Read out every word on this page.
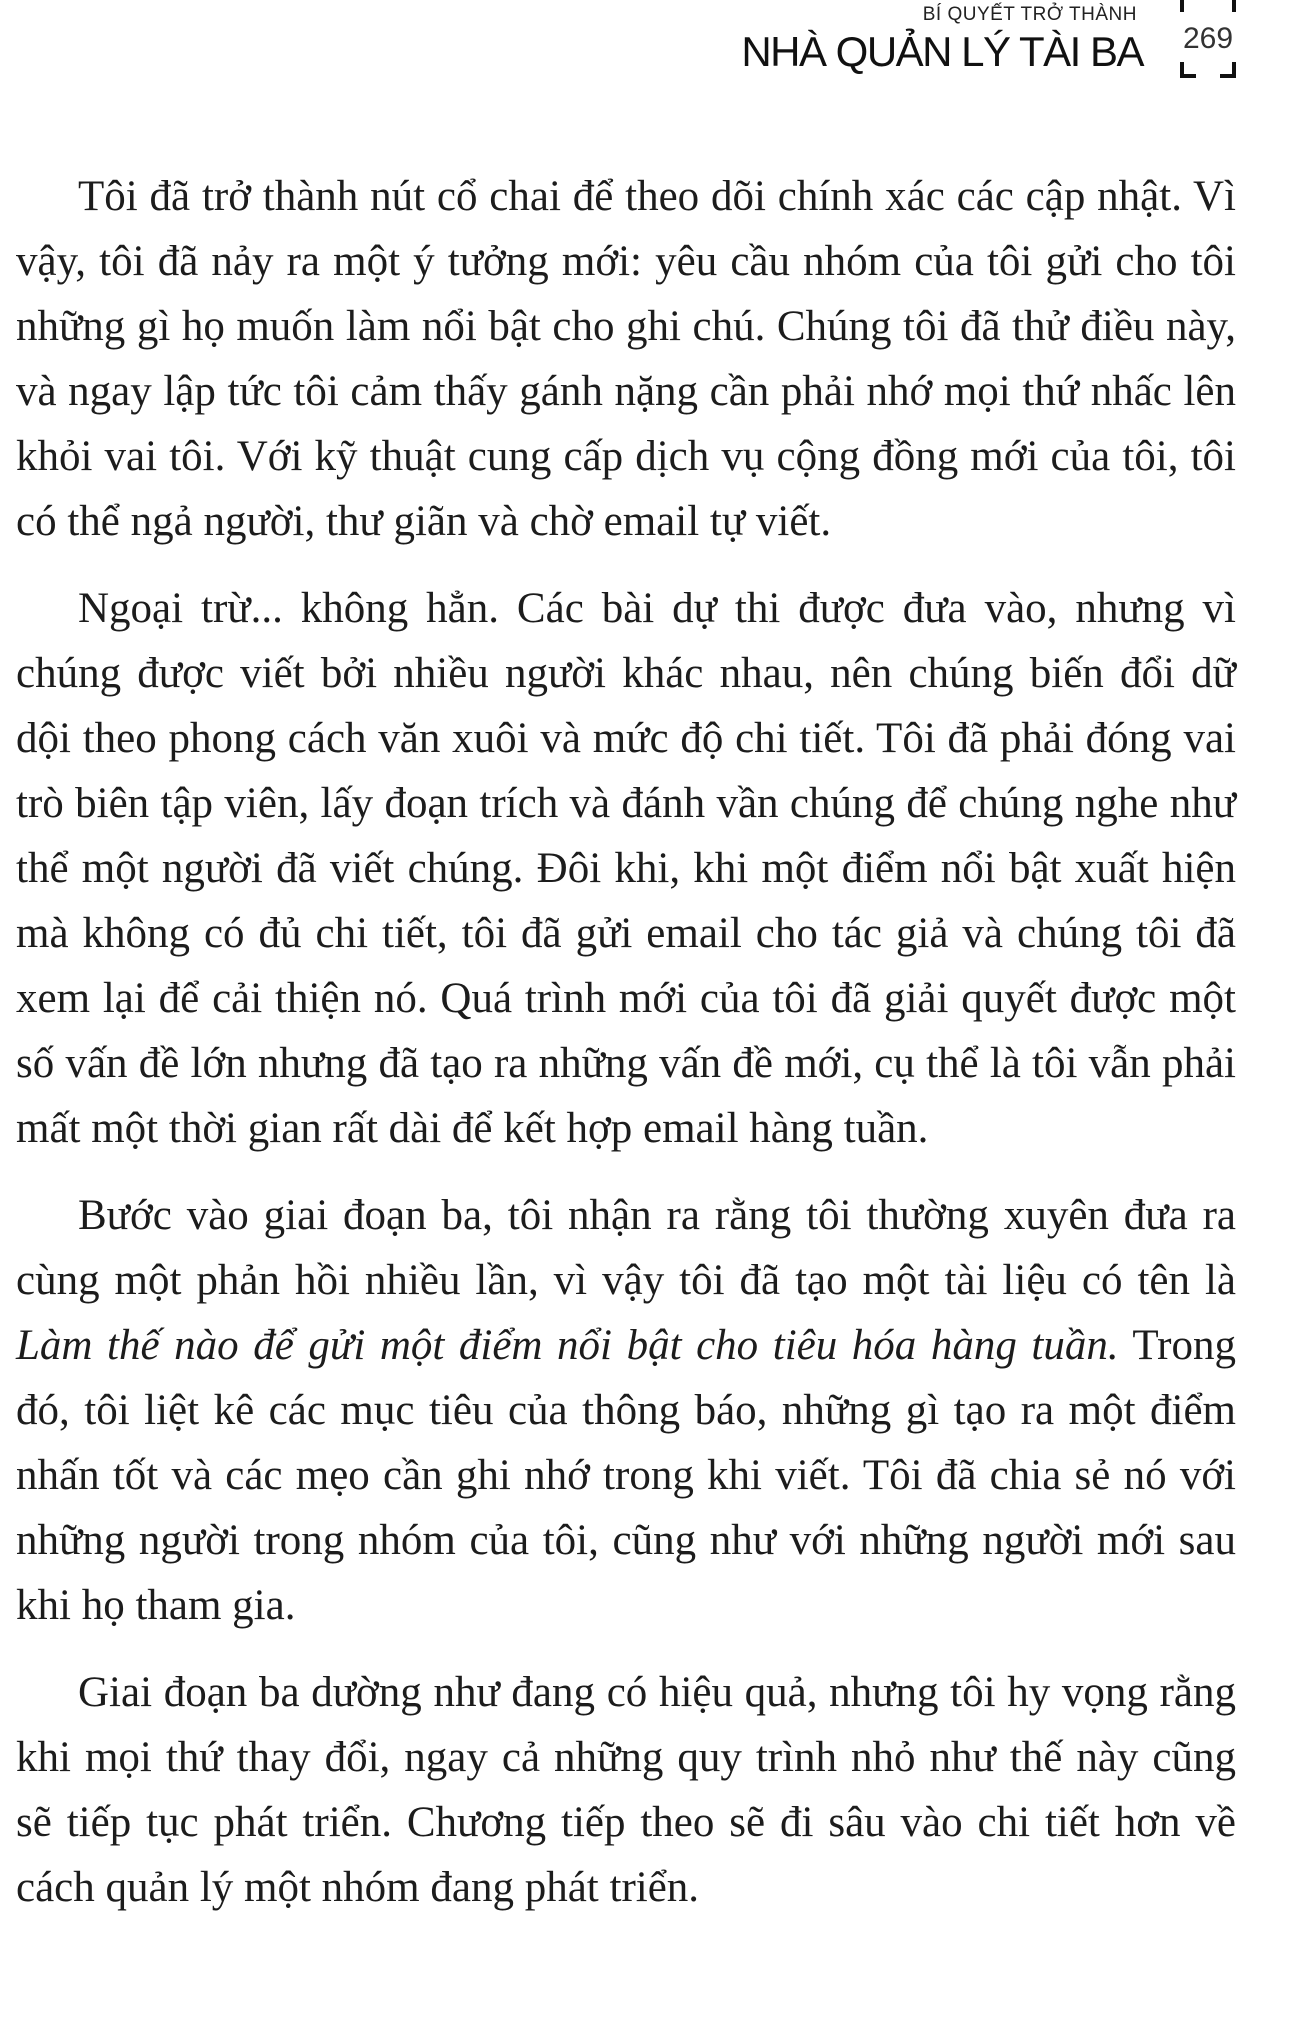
BÍ QUYẾT TRỞ THÀNH
NHÀ QUẢN LÝ TÀI BA 269

Tôi đã trở thành nút cổ chai để theo dõi chính xác các cập nhật. Vì vậy, tôi đã nảy ra một ý tưởng mới: yêu cầu nhóm của tôi gửi cho tôi những gì họ muốn làm nổi bật cho ghi chú. Chúng tôi đã thử điều này, và ngay lập tức tôi cảm thấy gánh nặng cần phải nhớ mọi thứ nhấc lên khỏi vai tôi. Với kỹ thuật cung cấp dịch vụ cộng đồng mới của tôi, tôi có thể ngả người, thư giãn và chờ email tự viết.

Ngoại trừ... không hẳn. Các bài dự thi được đưa vào, nhưng vì chúng được viết bởi nhiều người khác nhau, nên chúng biến đổi dữ dội theo phong cách văn xuôi và mức độ chi tiết. Tôi đã phải đóng vai trò biên tập viên, lấy đoạn trích và đánh vần chúng để chúng nghe như thể một người đã viết chúng. Đôi khi, khi một điểm nổi bật xuất hiện mà không có đủ chi tiết, tôi đã gửi email cho tác giả và chúng tôi đã xem lại để cải thiện nó. Quá trình mới của tôi đã giải quyết được một số vấn đề lớn nhưng đã tạo ra những vấn đề mới, cụ thể là tôi vẫn phải mất một thời gian rất dài để kết hợp email hàng tuần.

Bước vào giai đoạn ba, tôi nhận ra rằng tôi thường xuyên đưa ra cùng một phản hồi nhiều lần, vì vậy tôi đã tạo một tài liệu có tên là Làm thế nào để gửi một điểm nổi bật cho tiêu hóa hàng tuần. Trong đó, tôi liệt kê các mục tiêu của thông báo, những gì tạo ra một điểm nhấn tốt và các mẹo cần ghi nhớ trong khi viết. Tôi đã chia sẻ nó với những người trong nhóm của tôi, cũng như với những người mới sau khi họ tham gia.

Giai đoạn ba dường như đang có hiệu quả, nhưng tôi hy vọng rằng khi mọi thứ thay đổi, ngay cả những quy trình nhỏ như thế này cũng sẽ tiếp tục phát triển. Chương tiếp theo sẽ đi sâu vào chi tiết hơn về cách quản lý một nhóm đang phát triển.
